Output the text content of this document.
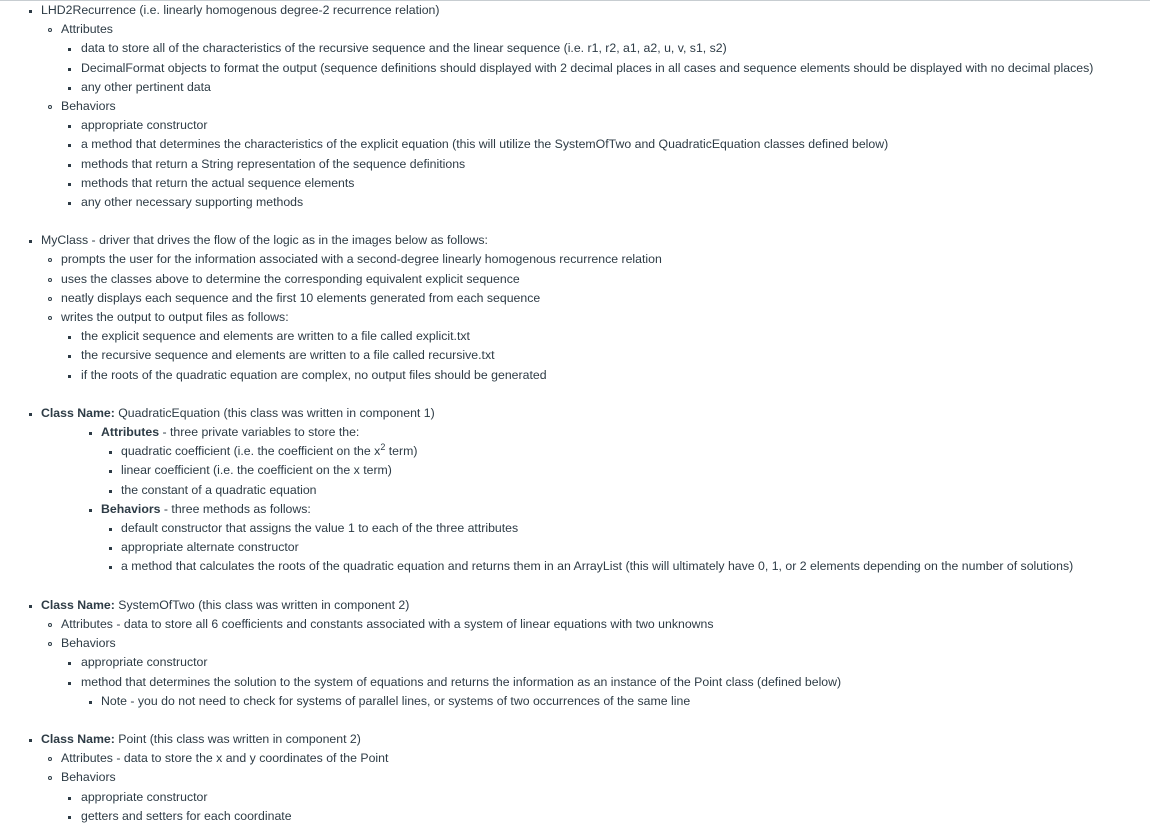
LHD2Recurrence (i.e. linearly homogenous degree-2 recurrence relation)
Attributes
data to store all of the characteristics of the recursive sequence and the linear sequence (i.e. r1, r2, a1, a2, u, v, s1, s2)
DecimalFormat objects to format the output (sequence definitions should displayed with 2 decimal places in all cases and sequence elements should be displayed with no decimal places)
any other pertinent data
Behaviors
appropriate constructor
a method that determines the characteristics of the explicit equation (this will utilize the SystemOfTwo and QuadraticEquation classes defined below)
methods that return a String representation of the sequence definitions
methods that return the actual sequence elements
any other necessary supporting methods
MyClass - driver that drives the flow of the logic as in the images below as follows:
prompts the user for the information associated with a second-degree linearly homogenous recurrence relation
uses the classes above to determine the corresponding equivalent explicit sequence
neatly displays each sequence and the first 10 elements generated from each sequence
writes the output to output files as follows:
the explicit sequence and elements are written to a file called explicit.txt
the recursive sequence and elements are written to a file called recursive.txt
if the roots of the quadratic equation are complex, no output files should be generated
Class Name: QuadraticEquation (this class was written in component 1)
Attributes - three private variables to store the:
quadratic coefficient (i.e. the coefficient on the $x^2$ term)
linear coefficient (i.e. the coefficient on the x term)
the constant of a quadratic equation
Behaviors - three methods as follows:
default constructor that assigns the value 1 to each of the three attributes
appropriate alternate constructor
a method that calculates the roots of the quadratic equation and returns them in an ArrayList (this will ultimately have 0, 1, or 2 elements depending on the number of solutions)
Class Name: SystemOfTwo (this class was written in component 2)
Attributes - data to store all 6 coefficients and constants associated with a system of linear equations with two unknowns
Behaviors
appropriate constructor
method that determines the solution to the system of equations and returns the information as an instance of the Point class (defined below)
Note - you do not need to check for systems of parallel lines, or systems of two occurrences of the same line
Class Name: Point (this class was written in component 2)
Attributes - data to store the x and y coordinates of the Point
Behaviors
appropriate constructor
getters and setters for each coordinate
